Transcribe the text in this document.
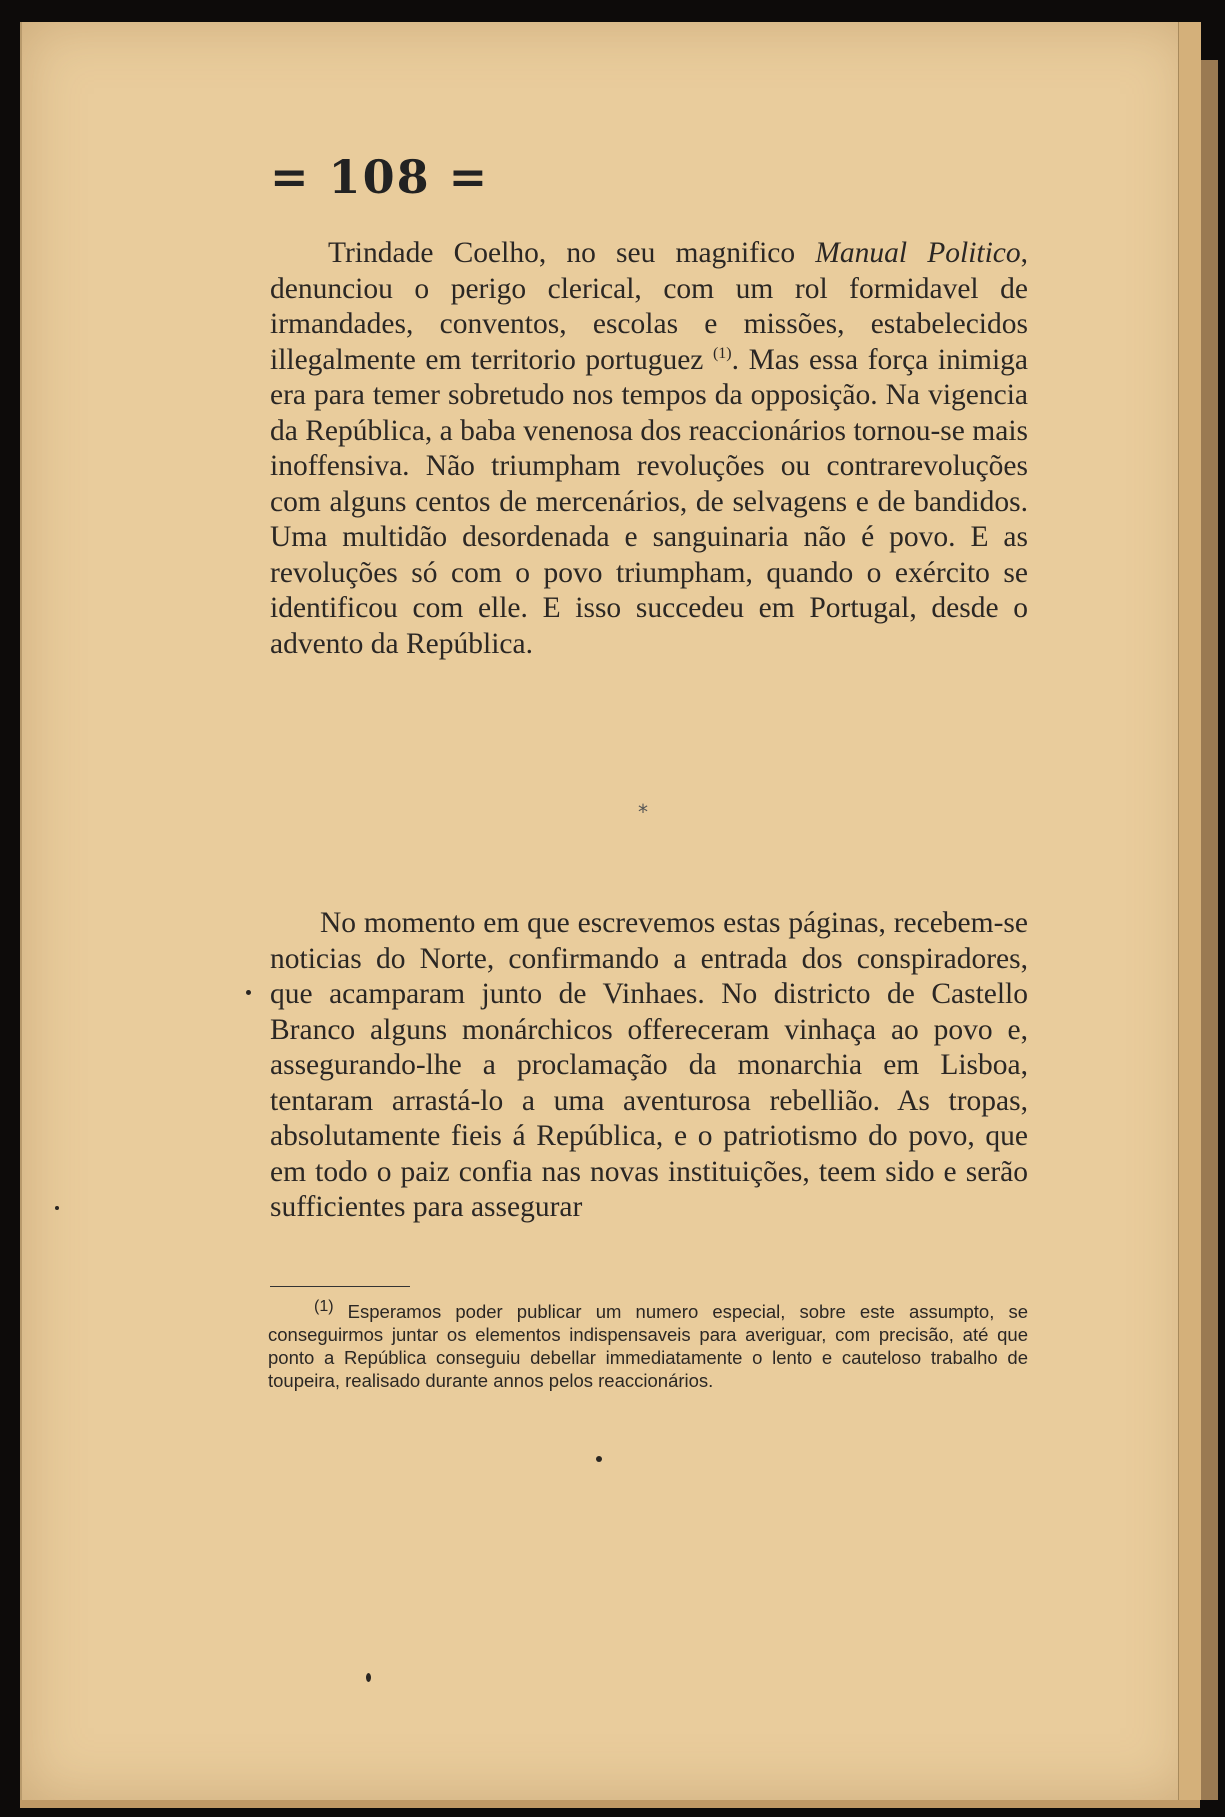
= 108 =

Trindade Coelho, no seu magnifico Manual Politico, denunciou o perigo clerical, com um rol formidavel de irmandades, conventos, escolas e missões, estabelecidos illegalmente em territorio portuguez $^{(1)}$. Mas essa força inimiga era para temer sobretudo nos tempos da opposição. Na vigencia da República, a baba venenosa dos reaccionários tornou-se mais inoffensiva. Não triumpham revoluções ou contrarevoluções com alguns centos de mercenários, de selvagens e de bandidos. Uma multidão desordenada e sanguinaria não é povo. E as revoluções só com o povo triumpham, quando o exército se identificou com elle. E isso succedeu em Portugal, desde o advento da República.

*

No momento em que escrevemos estas páginas, recebem-se noticias do Norte, confirmando a entrada dos conspiradores, que acamparam junto de Vinhaes. No districto de Castello Branco alguns monárchicos offereceram vinhaça ao povo e, assegurando-lhe a proclamação da monarchia em Lisboa, tentaram arrastá-lo a uma aventurosa rebellião. As tropas, absolutamente fieis á República, e o patriotismo do povo, que em todo o paiz confia nas novas instituições, teem sido e serão sufficientes para assegurar

(1) Esperamos poder publicar um numero especial, sobre este assumpto, se conseguirmos juntar os elementos indispensaveis para averiguar, com precisão, até que ponto a República conseguiu debellar immediatamente o lento e cauteloso trabalho de toupeira, realisado durante annos pelos reaccionários.
